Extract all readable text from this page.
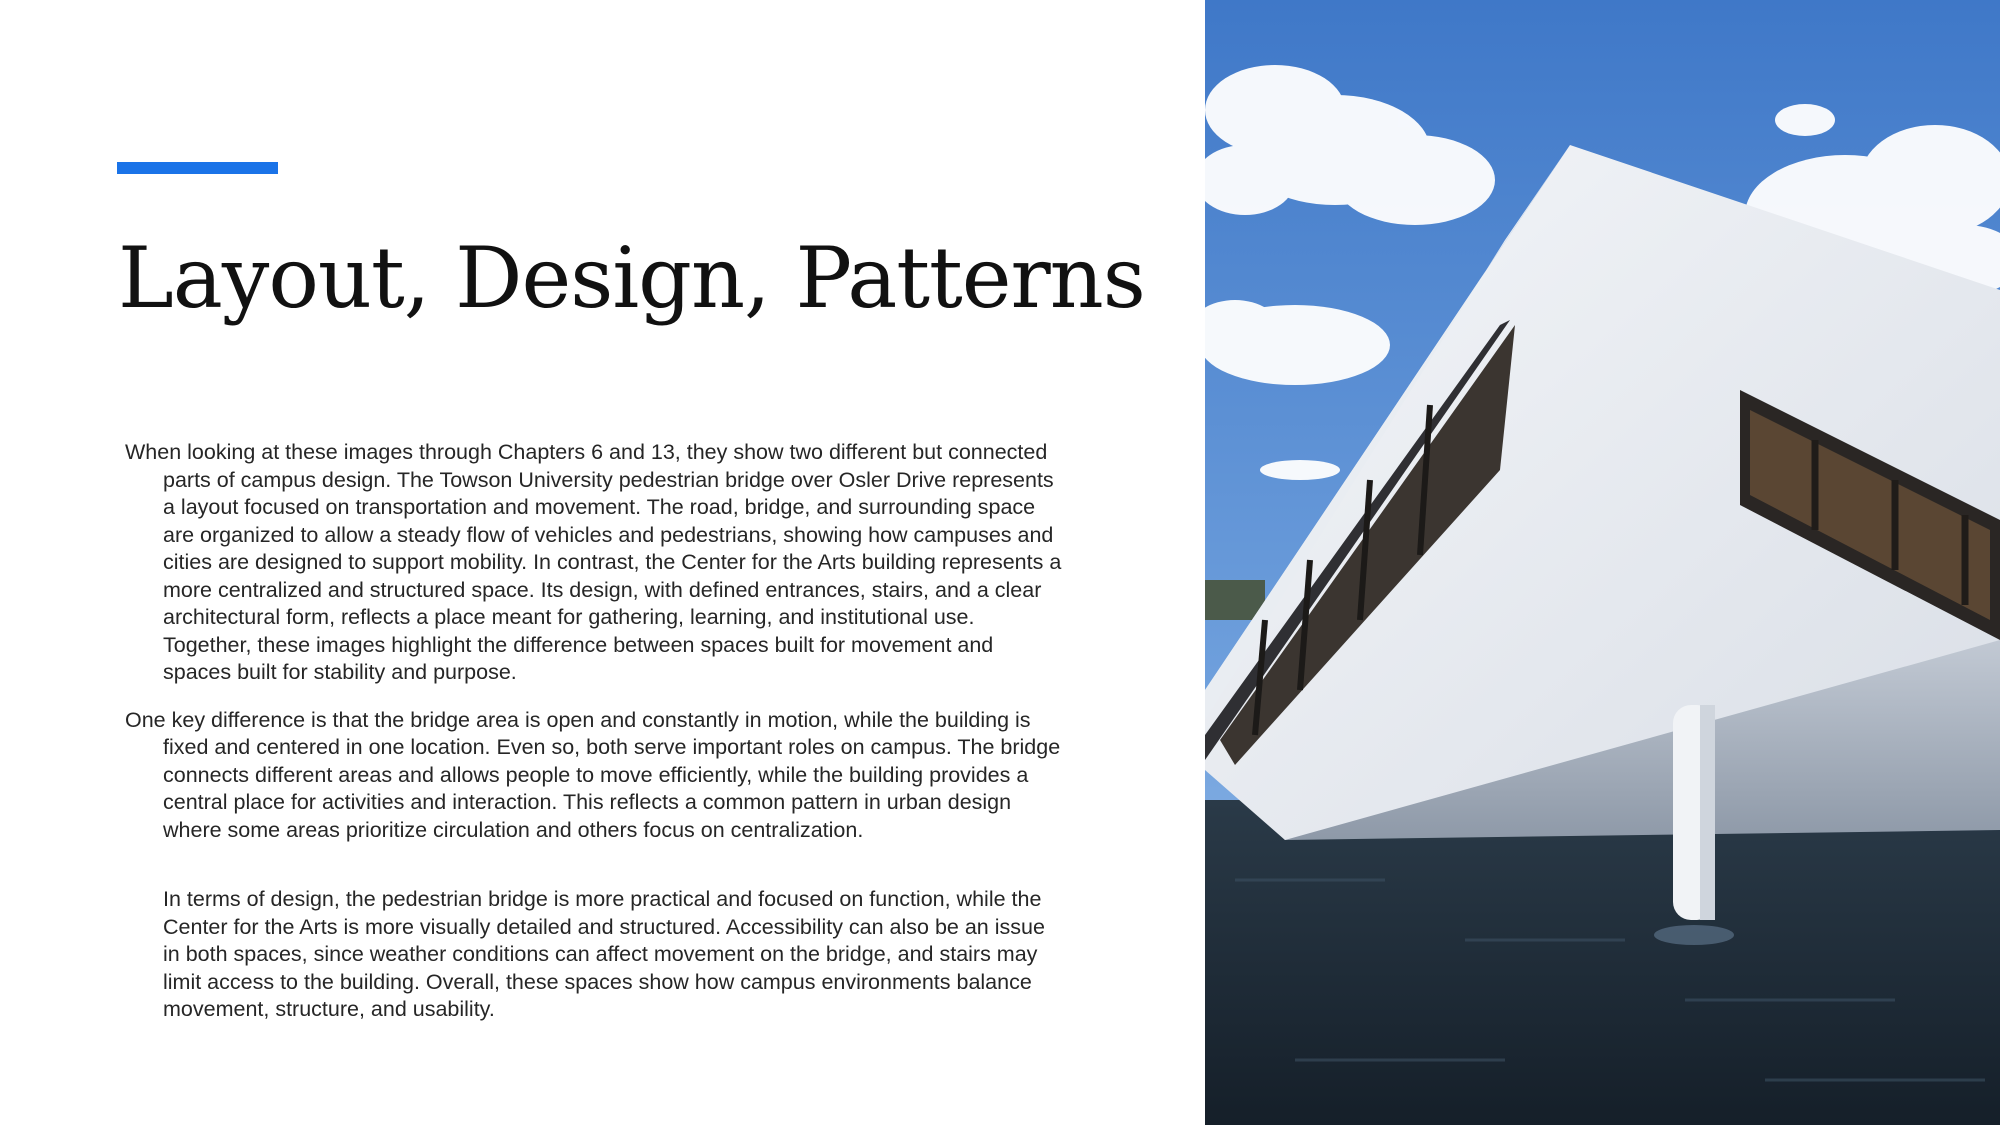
Layout, Design, Patterns

When looking at these images through Chapters 6 and 13, they show two different but connected parts of campus design. The Towson University pedestrian bridge over Osler Drive represents a layout focused on transportation and movement. The road, bridge, and surrounding space are organized to allow a steady flow of vehicles and pedestrians, showing how campuses and cities are designed to support mobility. In contrast, the Center for the Arts building represents a more centralized and structured space. Its design, with defined entrances, stairs, and a clear architectural form, reflects a place meant for gathering, learning, and institutional use. Together, these images highlight the difference between spaces built for movement and spaces built for stability and purpose.

One key difference is that the bridge area is open and constantly in motion, while the building is fixed and centered in one location. Even so, both serve important roles on campus. The bridge connects different areas and allows people to move efficiently, while the building provides a central place for activities and interaction. This reflects a common pattern in urban design where some areas prioritize circulation and others focus on centralization.

In terms of design, the pedestrian bridge is more practical and focused on function, while the Center for the Arts is more visually detailed and structured. Accessibility can also be an issue in both spaces, since weather conditions can affect movement on the bridge, and stairs may limit access to the building. Overall, these spaces show how campus environments balance movement, structure, and usability.
